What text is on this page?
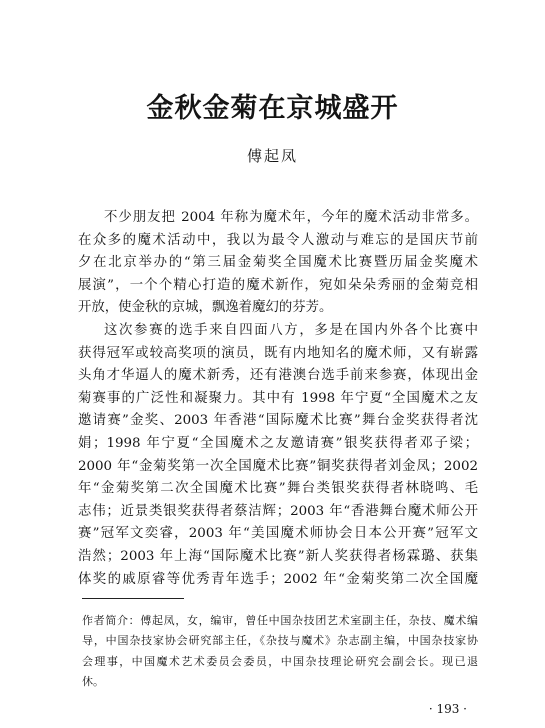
金秋金菊在京城盛开
傅起凤
不少朋友把 2004 年称为魔术年，今年的魔术活动非常多。
在众多的魔术活动中，我以为最令人激动与难忘的是国庆节前
夕在北京举办的“第三届金菊奖全国魔术比赛暨历届金奖魔术
展演”，一个个精心打造的魔术新作，宛如朵朵秀丽的金菊竞相
开放，使金秋的京城，飘逸着魔幻的芬芳。
这次参赛的选手来自四面八方，多是在国内外各个比赛中
获得冠军或较高奖项的演员，既有内地知名的魔术师，又有崭露
头角才华逼人的魔术新秀，还有港澳台选手前来参赛，体现出金
菊赛事的广泛性和凝聚力。其中有 1998 年宁夏“全国魔术之友
邀请赛”金奖、2003 年香港“国际魔术比赛”舞台金奖获得者沈
娟；1998 年宁夏“全国魔术之友邀请赛”银奖获得者邓子梁；
2000 年“金菊奖第一次全国魔术比赛”铜奖获得者刘金凤；2002
年“金菊奖第二次全国魔术比赛”舞台类银奖获得者林晓鸣、毛
志伟；近景类银奖获得者蔡洁辉；2003 年“香港舞台魔术师公开
赛”冠军文奕睿，2003 年“美国魔术师协会日本公开赛”冠军文
浩然；2003 年上海“国际魔术比赛”新人奖获得者杨霖璐、获集
体奖的戚原睿等优秀青年选手；2002 年“金菊奖第二次全国魔
作者简介：傅起凤，女，编审，曾任中国杂技团艺术室副主任，杂技、魔术编
导，中国杂技家协会研究部主任，《杂技与魔术》杂志副主编，中国杂技家协
会理事，中国魔术艺术委员会委员，中国杂技理论研究会副会长。现已退
休。
· 193 ·
